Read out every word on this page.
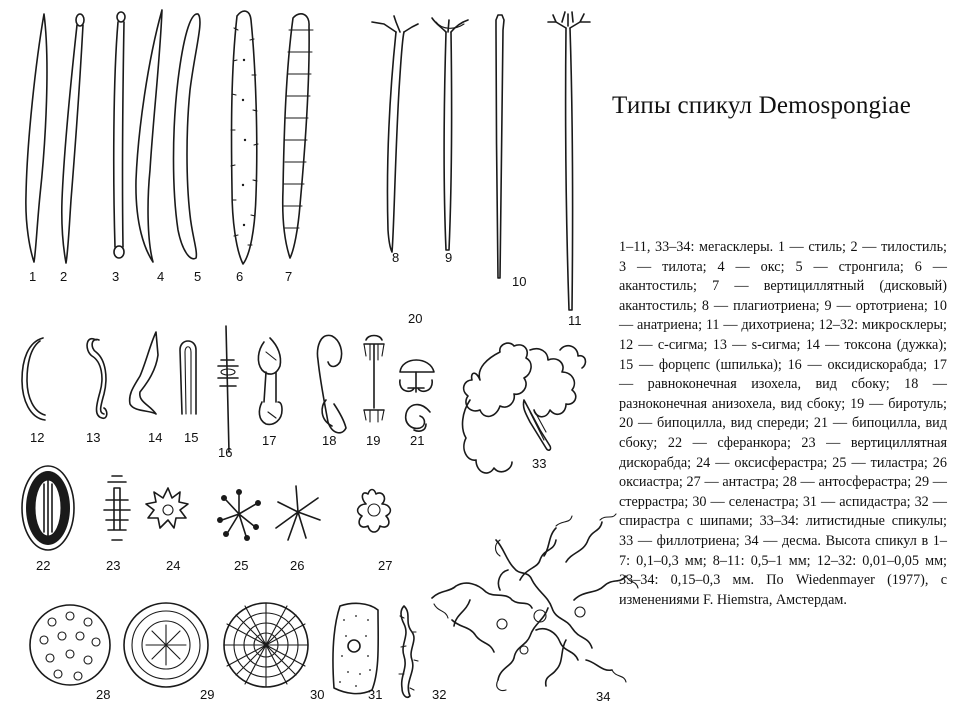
1 2	3	4 5	6	7
8	9
10
11
12	13	14 15
16
17	18 19
20
21
22	23	24	25	26	27
28	29	30	31	32
33
34
Типы спикул Demospongiae

1–11, 33–34: мегасклеры. 1 — стиль; 2 — тилостиль; 3 — тилота; 4 — окс; 5 — стронгила; 6 — акантостиль; 7 — вертициллятный (дисковый) акантостиль; 8 — плагиотриена; 9 — ортотриена; 10 — анатриена; 11 — дихотриена; 12–32: микросклеры; 12 — с-сигма; 13 — s-сигма; 14 — токсона (дужка); 15 — форцепс (шпилька); 16 — оксидискорабда; 17 — равноконечная изохела, вид сбоку; 18 — разноконечная анизохела, вид сбоку; 19 — биротуль; 20 — бипоцилла, вид спереди; 21 — бипоцилла, вид сбоку; 22 — сферанкора; 23 — вертициллятная дискорабда; 24 — оксисферастра; 25 — тиластра; 26 оксиастра; 27 — антастра; 28 — антосферастра; 29 — стеррастра; 30 — селенастра; 31 — аспидастра; 32 — спирастра с шипами; 33–34: литистидные спикулы; 33 — филлотриена; 34 — десма. Высота спикул в 1–7: 0,1–0,3 мм; 8–11: 0,5–1 мм; 12–32: 0,01–0,05 мм; 33–34: 0,15–0,3 мм. По Wiedenmayer (1977), с изменениями F. Hiemstra, Амстердам.
